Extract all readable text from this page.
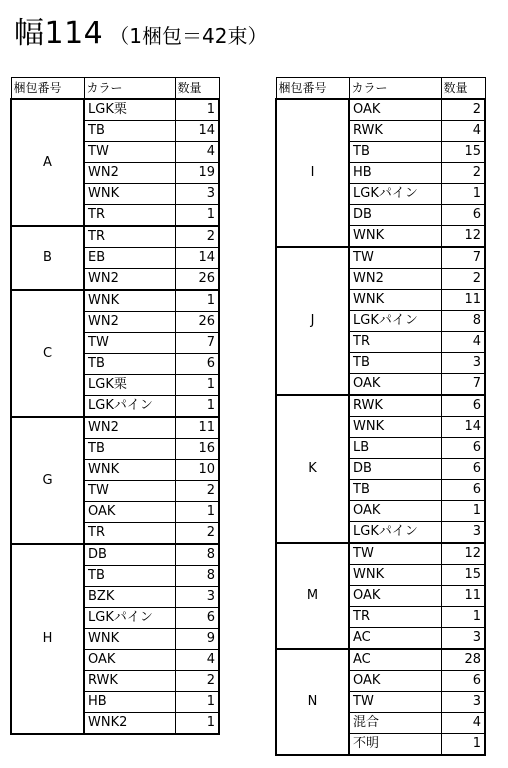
幅114 （1梱包＝42束）
梱包番号	カラー	数量
A	LGK栗	1
	TB	14
	TW	4
	WN2	19
	WNK	3
	TR	1
B	TR	2
	EB	14
	WN2	26
C	WNK	1
	WN2	26
	TW	7
	TB	6
	LGK栗	1
	LGKパイン	1
G	WN2	11
	TB	16
	WNK	10
	TW	2
	OAK	1
	TR	2
H	DB	8
	TB	8
	BZK	3
	LGKパイン	6
	WNK	9
	OAK	4
	RWK	2
	HB	1
	WNK2	1
梱包番号	カラー	数量
I	OAK	2
	RWK	4
	TB	15
	HB	2
	LGKパイン	1
	DB	6
	WNK	12
J	TW	7
	WN2	2
	WNK	11
	LGKパイン	8
	TR	4
	TB	3
	OAK	7
K	RWK	6
	WNK	14
	LB	6
	DB	6
	TB	6
	OAK	1
	LGKパイン	3
M	TW	12
	WNK	15
	OAK	11
	TR	1
	AC	3
N	AC	28
	OAK	6
	TW	3
	混合	4
	不明	1
